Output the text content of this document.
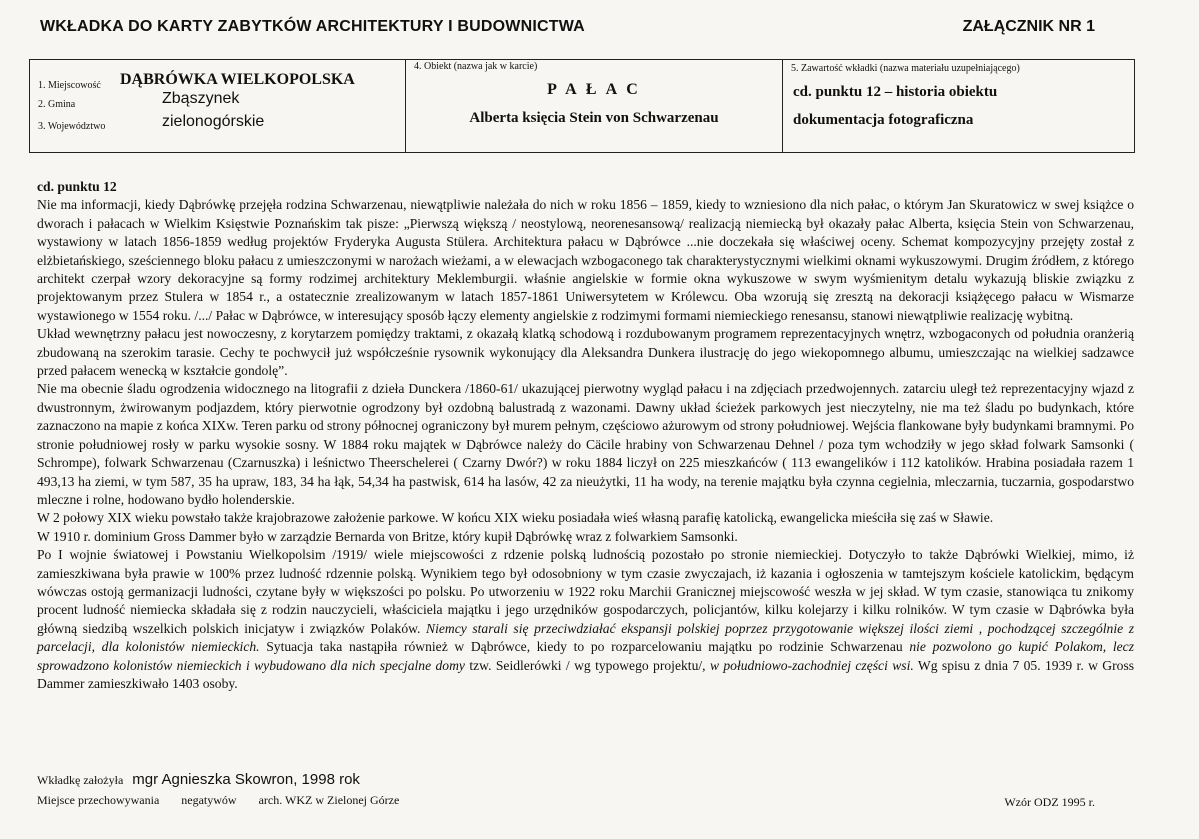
WKŁADKA DO KARTY ZABYTKÓW ARCHITEKTURY I BUDOWNICTWA	ZAŁĄCZNIK NR 1
1. Miejscowość DĄBRÓWKA WIELKOPOLSKA
2. Gmina	Zbąszynek
3. Województwo	zielonogórskie
4. Obiekt (nazwa jak w karcie)
P A Ł A C
Alberta księcia Stein von Schwarzenau
5. Zawartość wkładki (nazwa materiału uzupełniającego)
cd. punktu 12 – historia obiektu
dokumentacja fotograficzna

cd. punktu 12

Nie ma informacji, kiedy Dąbrówkę przejęła rodzina Schwarzenau, niewątpliwie należała do nich w roku 1856 – 1859, kiedy to wzniesiono dla nich pałac, o którym Jan Skuratowicz w swej książce o dworach i pałacach w Wielkim Księstwie Poznańskim tak pisze: „Pierwszą większą / neostylową, neorenesansową/ realizacją niemiecką był okazały pałac Alberta, księcia Stein von Schwarzenau, wystawiony w latach 1856-1859 według projektów Fryderyka Augusta Stülera. Architektura pałacu w Dąbrówce ...nie doczekała się właściwej oceny. Schemat kompozycyjny przejęty został z elżbietańskiego, sześciennego bloku pałacu z umieszczonymi w narożach wieżami, a w elewacjach wzbogaconego tak charakterystycznymi wielkimi oknami wykuszowymi. Drugim źródłem, z którego architekt czerpał wzory dekoracyjne są formy rodzimej architektury Meklemburgii. właśnie angielskie w formie okna wykuszowe w swym wyśmienitym detalu wykazują bliskie związku z projektowanym przez Stulera w 1854 r., a ostatecznie zrealizowanym w latach 1857-1861 Uniwersytetem w Królewcu. Oba wzorują się zresztą na dekoracji książęcego pałacu w Wismarze wystawionego w 1554 roku. /.../ Pałac w Dąbrówce, w interesujący sposób łączy elementy angielskie z rodzimymi formami niemieckiego renesansu, stanowi niewątpliwie realizację wybitną.

Układ wewnętrzny pałacu jest nowoczesny, z korytarzem pomiędzy traktami, z okazałą klatką schodową i rozdubowanym programem reprezentacyjnych wnętrz, wzbogaconych od południa oranżerią zbudowaną na szerokim tarasie. Cechy te pochwycił już współcześnie rysownik wykonujący dla Aleksandra Dunkera ilustrację do jego wiekopomnego albumu, umieszczając na wielkiej sadzawce przed pałacem wenecką w kształcie gondolę”.

Nie ma obecnie śladu ogrodzenia widocznego na litografii z dzieła Dunckera /1860-61/ ukazującej pierwotny wygląd pałacu i na zdjęciach przedwojennych. zatarciu uległ też reprezentacyjny wjazd z dwustronnym, żwirowanym podjazdem, który pierwotnie ogrodzony był ozdobną balustradą z wazonami. Dawny układ ścieżek parkowych jest nieczytelny, nie ma też śladu po budynkach, które zaznaczono na mapie z końca XIXw. Teren parku od strony północnej ograniczony był murem pełnym, częściowo ażurowym od strony południowej. Wejścia flankowane były budynkami bramnymi. Po stronie południowej rosły w parku wysokie sosny. W 1884 roku majątek w Dąbrówce należy do Cäcile hrabiny von Schwarzenau Dehnel / poza tym wchodziły w jego skład folwark Samsonki ( Schrompe), folwark Schwarzenau (Czarnuszka) i leśnictwo Theerschelerei ( Czarny Dwór?) w roku 1884 liczył on 225 mieszkańców ( 113 ewangelików i 112 katolików. Hrabina posiadała razem 1 493,13 ha ziemi, w tym 587, 35 ha upraw, 183, 34 ha łąk, 54,34 ha pastwisk, 614 ha lasów, 42 za nieużytki, 11 ha wody, na terenie majątku była czynna cegielnia, mleczarnia, tuczarnia, gospodarstwo mleczne i rolne, hodowano bydło holenderskie.

W 2 połowy XIX wieku powstało także krajobrazowe założenie parkowe. W końcu XIX wieku posiadała wieś własną parafię katolicką, ewangelicka mieściła się zaś w Sławie.

W 1910 r. dominium Gross Dammer było w zarządzie Bernarda von Britze, który kupił Dąbrówkę wraz z folwarkiem Samsonki.

Po I wojnie światowej i Powstaniu Wielkopolsim /1919/ wiele miejscowości z rdzenie polską ludnością pozostało po stronie niemieckiej. Dotyczyło to także Dąbrówki Wielkiej, mimo, iż zamieszkiwana była prawie w 100% przez ludność rdzennie polską. Wynikiem tego był odosobniony w tym czasie zwyczajach, iż kazania i ogłoszenia w tamtejszym kościele katolickim, będącym wówczas ostoją germanizacji ludności, czytane były w większości po polsku. Po utworzeniu w 1922 roku Marchii Granicznej miejscowość weszła w jej skład. W tym czasie, stanowiąca tu znikomy procent ludność niemiecka składała się z rodzin nauczycieli, właściciela majątku i jego urzędników gospodarczych, policjantów, kilku kolejarzy i kilku rolników. W tym czasie w Dąbrówka była główną siedzibą wszelkich polskich inicjatyw i związków Polaków. Niemcy starali się przeciwdziałać ekspansji polskiej poprzez przygotowanie większej ilości ziemi , pochodzącej szczególnie z parcelacji, dla kolonistów niemieckich. Sytuacja taka nastąpiła również w Dąbrówce, kiedy to po rozparcelowaniu majątku po rodzinie Schwarzenau nie pozwolono go kupić Polakom, lecz sprowadzono kolonistów niemieckich i wybudowano dla nich specjalne domy tzw. Seidlerówki / wg typowego projektu/, w południowo-zachodniej części wsi. Wg spisu z dnia 7 05. 1939 r. w Gross Dammer zamieszkiwało 1403 osoby.

Wkładkę założyła mgr Agnieszka Skowron, 1998 rok
Miejsce przechowywania negatywów arch. WKZ w Zielonej Górze	Wzór ODZ 1995 r.
